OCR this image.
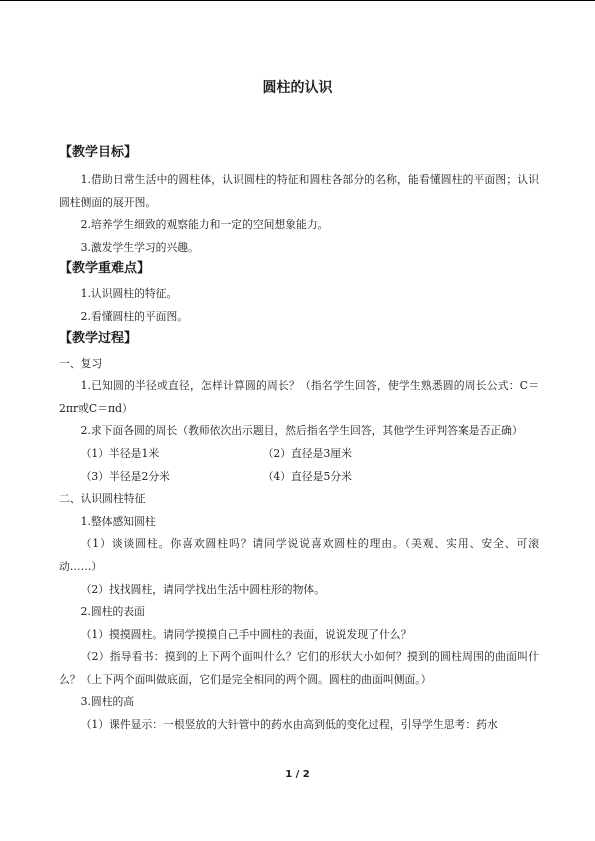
圆柱的认识
【教学目标】

1.借助日常生活中的圆柱体，认识圆柱的特征和圆柱各部分的名称，能看懂圆柱的平面图；认识圆柱侧面的展开图。

2.培养学生细致的观察能力和一定的空间想象能力。

3.激发学生学习的兴趣。

【教学重难点】

1.认识圆柱的特征。

2.看懂圆柱的平面图。

【教学过程】

一、复习

1.已知圆的半径或直径，怎样计算圆的周长？（指名学生回答，使学生熟悉圆的周长公式：C＝2πr或C＝πd）

2.求下面各圆的周长（教师依次出示题目，然后指名学生回答，其他学生评判答案是否正确）

（1）半径是1米	（2）直径是3厘米

（3）半径是2分米	（4）直径是5分米

二、认识圆柱特征

1.整体感知圆柱

（1）谈谈圆柱。你喜欢圆柱吗？请同学说说喜欢圆柱的理由。（美观、实用、安全、可滚动……）

（2）找找圆柱，请同学找出生活中圆柱形的物体。

2.圆柱的表面

（1）摸摸圆柱。请同学摸摸自己手中圆柱的表面，说说发现了什么？

（2）指导看书：摸到的上下两个面叫什么？它们的形状大小如何？摸到的圆柱周围的曲面叫什么？（上下两个面叫做底面，它们是完全相同的两个圆。圆柱的曲面叫侧面。）

3.圆柱的高

（1）课件显示：一根竖放的大针管中的药水由高到低的变化过程，引导学生思考：药水

1 / 2
